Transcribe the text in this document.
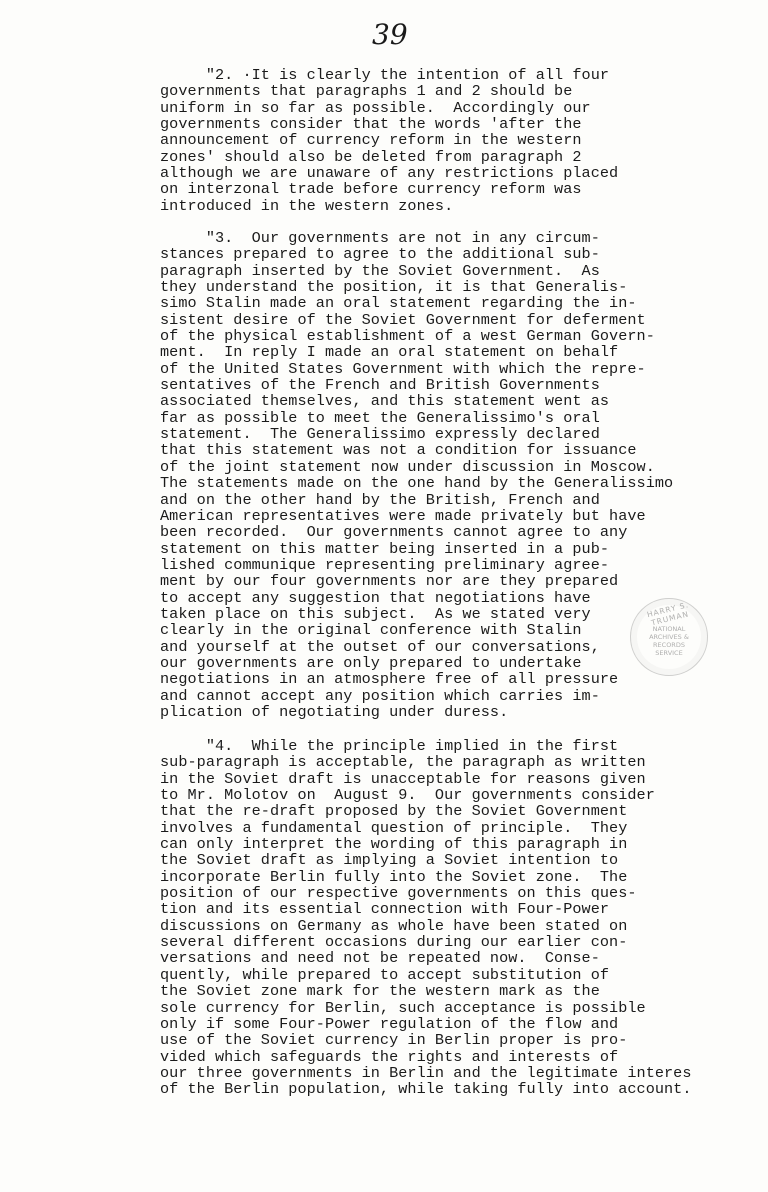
39
"2. ·It is clearly the intention of all four
governments that paragraphs 1 and 2 should be
uniform in so far as possible.  Accordingly our
governments consider that the words 'after the
announcement of currency reform in the western
zones' should also be deleted from paragraph 2
although we are unaware of any restrictions placed
on interzonal trade before currency reform was
introduced in the western zones.
"3.  Our governments are not in any circum-
stances prepared to agree to the additional sub-
paragraph inserted by the Soviet Government.  As
they understand the position, it is that Generalis-
simo Stalin made an oral statement regarding the in-
sistent desire of the Soviet Government for deferment
of the physical establishment of a west German Govern-
ment.  In reply I made an oral statement on behalf
of the United States Government with which the repre-
sentatives of the French and British Governments
associated themselves, and this statement went as
far as possible to meet the Generalissimo's oral
statement.  The Generalissimo expressly declared
that this statement was not a condition for issuance
of the joint statement now under discussion in Moscow.
The statements made on the one hand by the Generalissimo
and on the other hand by the British, French and
American representatives were made privately but have
been recorded.  Our governments cannot agree to any
statement on this matter being inserted in a pub-
lished communique representing preliminary agree-
ment by our four governments nor are they prepared
to accept any suggestion that negotiations have
taken place on this subject.  As we stated very
clearly in the original conference with Stalin
and yourself at the outset of our conversations,
our governments are only prepared to undertake
negotiations in an atmosphere free of all pressure
and cannot accept any position which carries im-
plication of negotiating under duress.
"4.  While the principle implied in the first
sub-paragraph is acceptable, the paragraph as written
in the Soviet draft is unacceptable for reasons given
to Mr. Molotov on  August 9.  Our governments consider
that the re-draft proposed by the Soviet Government
involves a fundamental question of principle.  They
can only interpret the wording of this paragraph in
the Soviet draft as implying a Soviet intention to
incorporate Berlin fully into the Soviet zone.  The
position of our respective governments on this ques-
tion and its essential connection with Four-Power
discussions on Germany as whole have been stated on
several different occasions during our earlier con-
versations and need not be repeated now.  Conse-
quently, while prepared to accept substitution of
the Soviet zone mark for the western mark as the
sole currency for Berlin, such acceptance is possible
only if some Four-Power regulation of the flow and
use of the Soviet currency in Berlin proper is pro-
vided which safeguards the rights and interests of
our three governments in Berlin and the legitimate interes
of the Berlin population, while taking fully into account.
HARRY S. TRUMAN
NATIONAL ARCHIVES & RECORDS SERVICE
